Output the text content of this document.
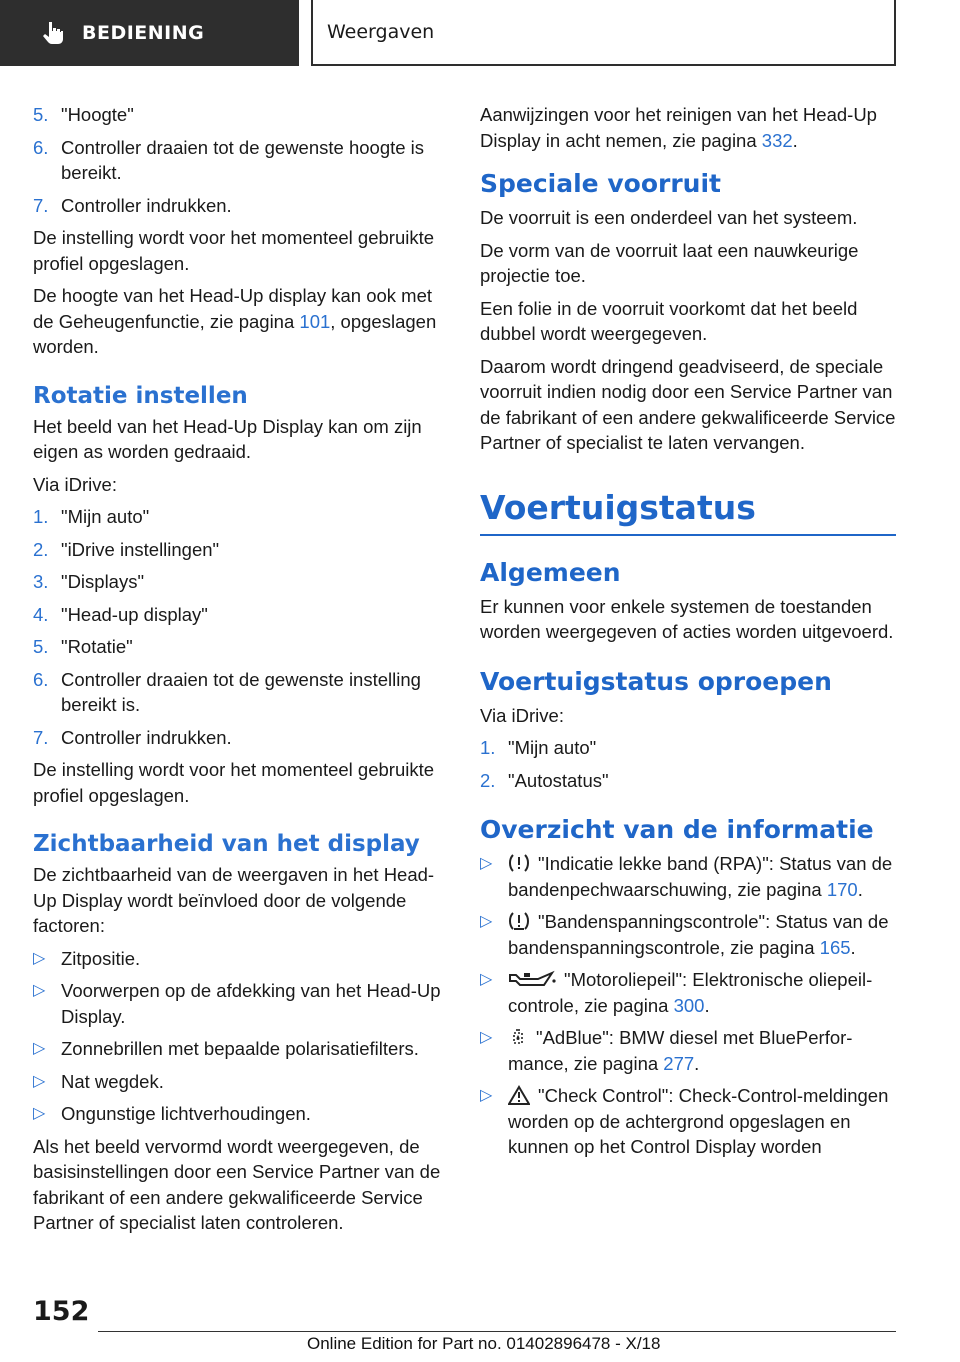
BEDIENING	Weergaven
5. "Hoogte"
6. Controller draaien tot de gewenste hoogte is bereikt.
7. Controller indrukken.

De instelling wordt voor het momenteel gebruikte profiel opgeslagen.

De hoogte van het Head-Up display kan ook met de Geheugenfunctie, zie pagina 101, opgeslagen worden.

Rotatie instellen

Het beeld van het Head-Up Display kan om zijn eigen as worden gedraaid.

Via iDrive:

1. "Mijn auto"
2. "iDrive instellingen"
3. "Displays"
4. "Head-up display"
5. "Rotatie"
6. Controller draaien tot de gewenste instelling bereikt is.
7. Controller indrukken.

De instelling wordt voor het momenteel gebruikte profiel opgeslagen.

Zichtbaarheid van het display

De zichtbaarheid van de weergaven in het Head-Up Display wordt beïnvloed door de volgende factoren:

▷ Zitpositie.
▷ Voorwerpen op de afdekking van het Head-Up Display.
▷ Zonnebrillen met bepaalde polarisatiefilters.
▷ Nat wegdek.
▷ Ongunstige lichtverhoudingen.

Als het beeld vervormd wordt weergegeven, de basisinstellingen door een Service Partner van de fabrikant of een andere gekwalificeerde Service Partner of specialist laten controleren.

Aanwijzingen voor het reinigen van het Head-Up Display in acht nemen, zie pagina 332.

Speciale voorruit

De voorruit is een onderdeel van het systeem.

De vorm van de voorruit laat een nauwkeurige projectie toe.

Een folie in de voorruit voorkomt dat het beeld dubbel wordt weergegeven.

Daarom wordt dringend geadviseerd, de speciale voorruit indien nodig door een Service Partner van de fabrikant of een andere gekwalificeerde Service Partner of specialist te laten vervangen.

Voertuigstatus
Algemeen

Er kunnen voor enkele systemen de toestanden worden weergegeven of acties worden uitgevoerd.

Voertuigstatus oproepen

Via iDrive:

1. "Mijn auto"
2. "Autostatus"
Overzicht van de informatie
▷ "Indicatie lekke band (RPA)": Status van de bandenpechwaarschuwing, zie pagina 170.
▷ "Bandenspanningscontrole": Status van de bandenspanningscontrole, zie pagina 165.
▷	"Motoroliepeil": Elektronische oliepeilcontrole, zie pagina 300.
▷ "AdBlue": BMW diesel met BluePerformance, zie pagina 277.
▷ "Check Control": Check-Control-meldingen worden op de achtergrond opgeslagen en kunnen op het Control Display worden
152
Online Edition for Part no. 01402896478 - X/18
